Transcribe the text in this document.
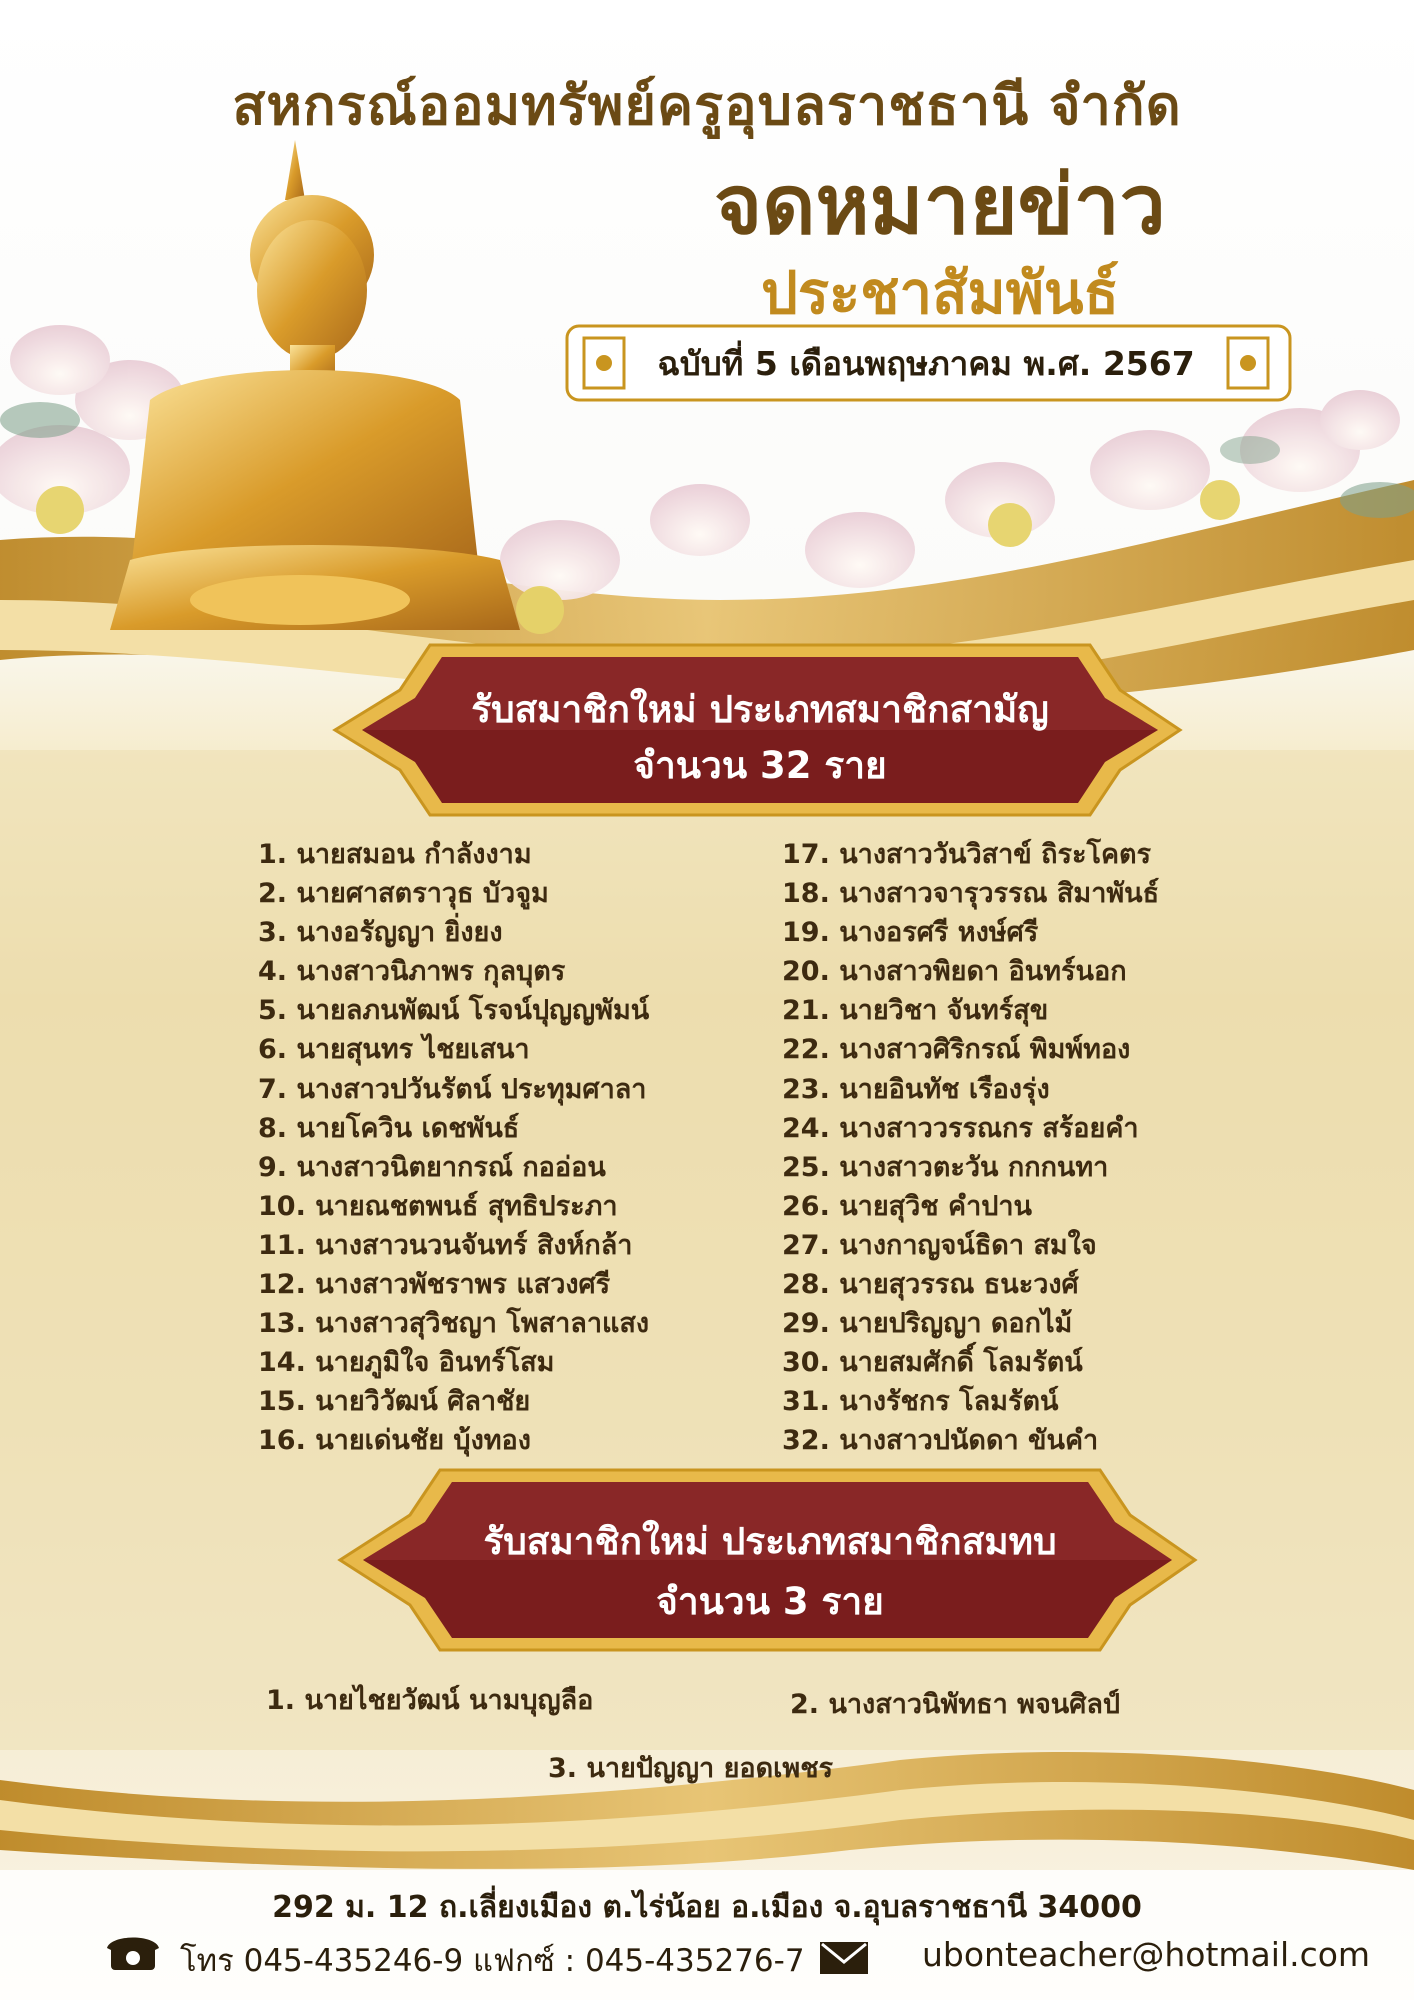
สหกรณ์ออมทรัพย์ครูอุบลราชธานี จำกัด
จดหมายข่าว
ประชาสัมพันธ์
ฉบับที่ 5 เดือนพฤษภาคม พ.ศ. 2567
รับสมาชิกใหม่ ประเภทสมาชิกสามัญ
จำนวน 32 ราย
1. นายสมอน กำลังงาม
2. นายศาสตราวุธ บัวจูม
3. นางอรัญญา ยิ่งยง
4. นางสาวนิภาพร กุลบุตร
5. นายลภนพัฒน์ โรจน์ปุญญพัมน์
6. นายสุนทร ไชยเสนา
7. นางสาวปวันรัตน์ ประทุมศาลา
8. นายโควิน เดชพันธ์
9. นางสาวนิตยากรณ์ กออ่อน
10. นายณชตพนธ์ สุทธิประภา
11. นางสาวนวนจันทร์ สิงห์กล้า
12. นางสาวพัชราพร แสวงศรี
13. นางสาวสุวิชญา โพสาลาแสง
14. นายภูมิใจ อินทร์โสม
15. นายวิวัฒน์ ศิลาชัย
16. นายเด่นชัย บุ้งทอง
17. นางสาววันวิสาข์ ถิระโคตร
18. นางสาวจารุวรรณ สิมาพันธ์
19. นางอรศรี หงษ์ศรี
20. นางสาวพิยดา อินทร์นอก
21. นายวิชา จันทร์สุข
22. นางสาวศิริกรณ์ พิมพ์ทอง
23. นายอินทัช เรืองรุ่ง
24. นางสาววรรณกร สร้อยคำ
25. นางสาวตะวัน กกกนทา
26. นายสุวิช คำปาน
27. นางกาญจน์ธิดา สมใจ
28. นายสุวรรณ ธนะวงศ์
29. นายปริญญา ดอกไม้
30. นายสมศักดิ์ โลมรัตน์
31. นางรัชกร โลมรัตน์
32. นางสาวปนัดดา ขันคำ
รับสมาชิกใหม่ ประเภทสมาชิกสมทบ
จำนวน 3 ราย
1. นายไชยวัฒน์ นามบุญลือ	2. นางสาวนิพัทธา พจนศิลป์
3. นายปัญญา ยอดเพชร
292 ม. 12 ถ.เลี่ยงเมือง ต.ไร่น้อย อ.เมือง จ.อุบลราชธานี 34000
โทร 045-435246-9 แฟกซ์ : 045-435276-7	ubonteacher@hotmail.com
